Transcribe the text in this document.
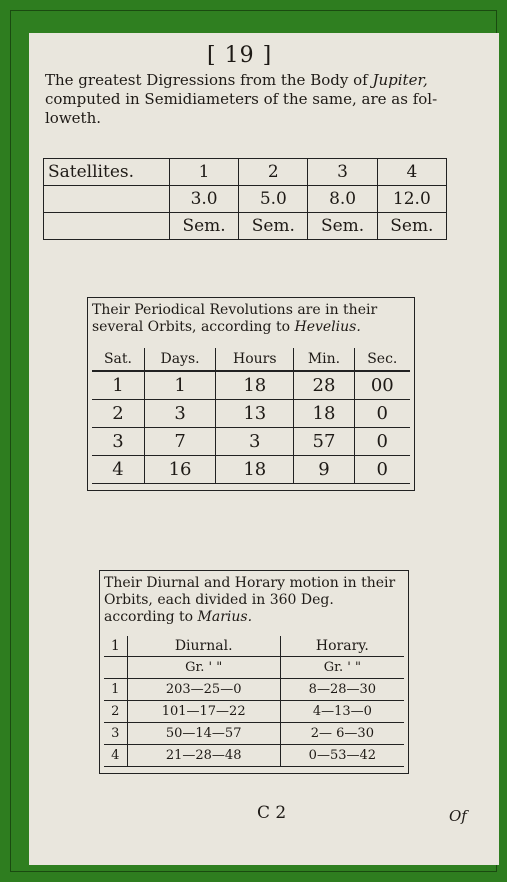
[ 19 ]
The greatest Digressions from the Body of Jupiter,
computed in Semidiameters of the same, are as fol-
loweth.
Satellites.	1	2	3	4
	3.0	5.0	8.0	12.0
	Sem.	Sem.	Sem.	Sem.
Their Periodical Revolutions are in their several Orbits, according to Hevelius.
Sat.	Days.	Hours	Min.	Sec.
1	1	18	28	00
2	3	13	18	0
3	7	3	57	0
4	16	18	9	0
Their Diurnal and Horary motion in their Orbits, each divided in 360 Deg. according to Marius.
1	Diurnal.	Horary.
	Gr. ' "	Gr. ' "
1	203—25—0	8—28—30
2	101—17—22	4—13—0
3	50—14—57	2— 6—30
4	21—28—48	0—53—42
C 2	Of
